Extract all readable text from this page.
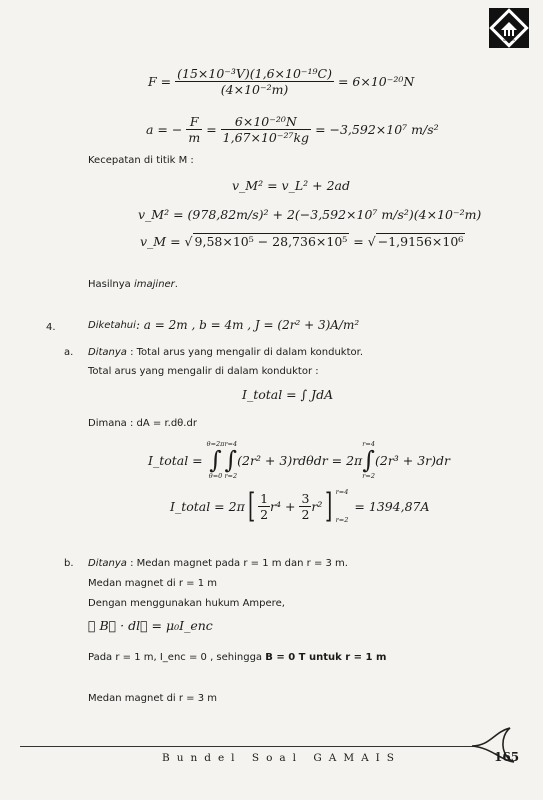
GAMAIS
F =
$\frac{\text{(15×10⁻³V)(1,6×10⁻¹⁹C)}}{\text{(4×10⁻²m)}}$
= 6×10⁻²⁰N
a = −
$\frac{F}{m}$
=
$\frac{\text{6×10⁻²⁰N}}{\text{1,67×10⁻²⁷kg}}$
= −3,592×10⁷ m/s²
Kecepatan di titik M :
v_M² = v_L² + 2ad
v_M² = (978,82m/s)² + 2(−3,592×10⁷ m/s²)(4×10⁻²m)
v_M =
√ 9,58×10⁵ − 28,736×10⁵
=
√ −1,9156×10⁶
Hasilnya imajiner.
4.	Diketahui : a = 2m , b = 4m , J = (2r² + 3)A/m²
a. Ditanya : Total arus yang mengalir di dalam konduktor.
Total arus yang mengalir di dalam konduktor :
I_total = ∫ JdA
Dimana : dA = r.dθ.dr
I_total =

θ=2π
∫
θ=0
r=4
∫
r=2
(2r² + 3)rdθdr = 2π
r=4
∫
r=2
(2r³ + 3r)dr
I_total = 2π [ $\frac{1}{2} r^4$ +
$\frac{3}{2} r^2$ ] r=4
r=2
= 1394,87A
b. Ditanya : Medan magnet pada r = 1 m dan r = 3 m.
Medan magnet di r = 1 m
Dengan menggunakan hukum Ampere,
∮ B⃗ · dl⃗ = μ₀I_enc
Pada r = 1 m, I_enc = 0 , sehingga B = 0 T untuk r = 1 m
Medan magnet di r = 3 m
Bundel Soal GAMAIS	165
